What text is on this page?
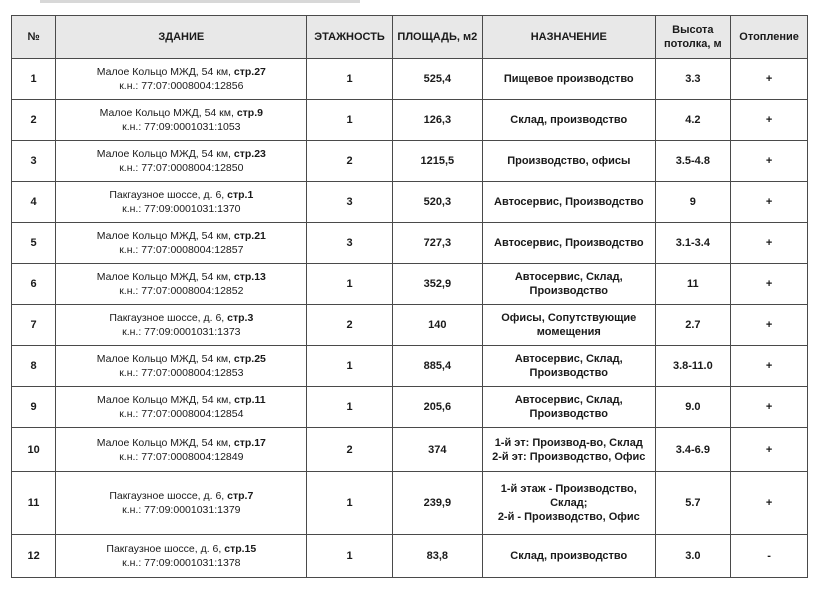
№	ЗДАНИЕ	ЭТАЖНОСТЬ	ПЛОЩАДЬ, м2	НАЗНАЧЕНИЕ	Высота потолка, м	Отопление
1	Малое Кольцо МЖД, 54 км, стр.27
к.н.: 77:07:0008004:12856	1	525,4	Пищевое производство	3.3	+
2	Малое Кольцо МЖД, 54 км, стр.9
к.н.: 77:09:0001031:1053	1	126,3	Склад, производство	4.2	+
3	Малое Кольцо МЖД, 54 км, стр.23
к.н.: 77:07:0008004:12850	2	1215,5	Производство, офисы	3.5-4.8	+
4	Пакгаузное шоссе, д. 6, стр.1
к.н.: 77:09:0001031:1370	3	520,3	Автосервис, Производство	9	+
5	Малое Кольцо МЖД, 54 км, стр.21
к.н.: 77:07:0008004:12857	3	727,3	Автосервис, Производство	3.1-3.4	+
6	Малое Кольцо МЖД, 54 км, стр.13
к.н.: 77:07:0008004:12852	1	352,9	Автосервис, Склад, Производство	11	+
7	Пакгаузное шоссе, д. 6, стр.3
к.н.: 77:09:0001031:1373	2	140	Офисы, Сопутствующие
момещения	2.7	+
8	Малое Кольцо МЖД, 54 км, стр.25
к.н.: 77:07:0008004:12853	1	885,4	Автосервис, Склад, Производство	3.8-11.0	+
9	Малое Кольцо МЖД, 54 км, стр.11
к.н.: 77:07:0008004:12854	1	205,6	Автосервис, Склад, Производство	9.0	+
10	Малое Кольцо МЖД, 54 км, стр.17
к.н.: 77:07:0008004:12849	2	374	1-й эт: Производ-во, Склад
2-й эт: Производство, Офис	3.4-6.9	+
11	Пакгаузное шоссе, д. 6, стр.7
к.н.: 77:09:0001031:1379	1	239,9	1-й этаж - Производство, Склад;
2-й - Производство, Офис	5.7	+
12	Пакгаузное шоссе, д. 6, стр.15
к.н.: 77:09:0001031:1378	1	83,8	Склад, производство	3.0	-
